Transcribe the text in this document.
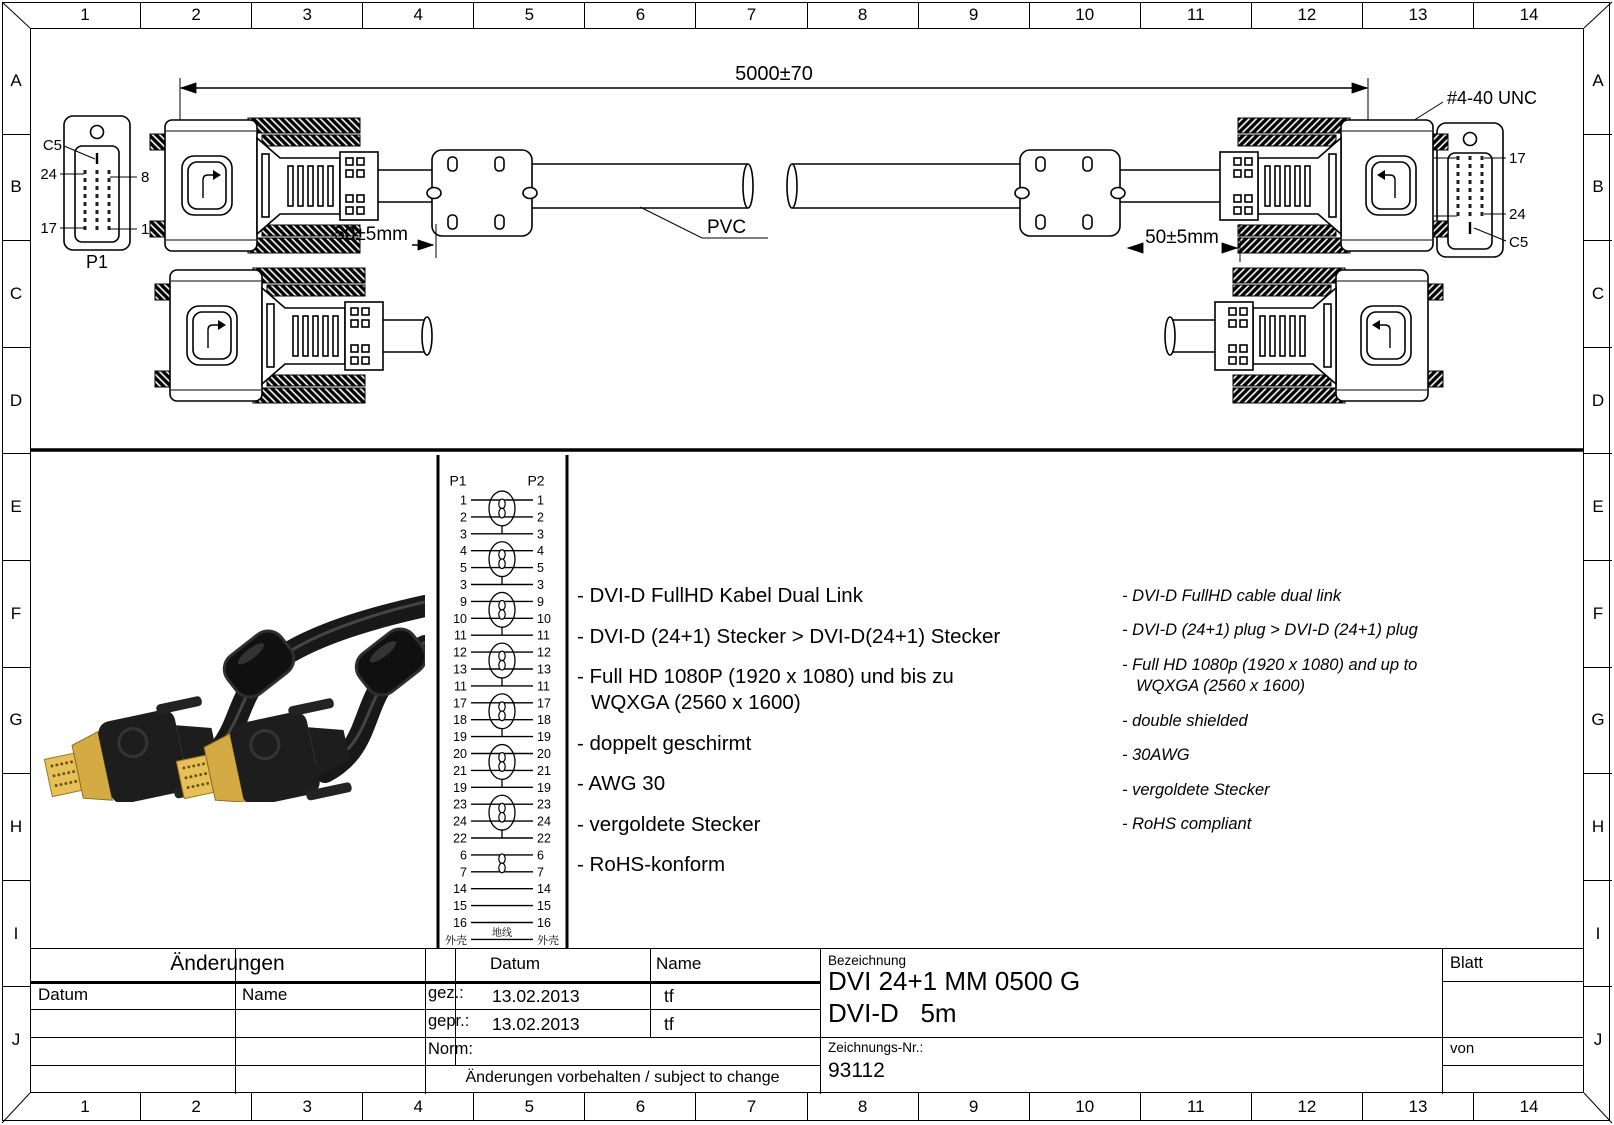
1	2	3	4	5	6	7	8	9	10	11	12	13	14
1	2	3	4	5	6	7	8	9	10	11	12	13	14
A
B
C
D
E
F
G
H
I
J
A
B
C
D
E
F
G
H
I
J
5000±70
#4-40 UNC
C5
24	8
17	1
P1
17
24
C5
PVC
50±5mm	50±5mm
P1	P2
1	1
2	2
3	3
4	4
5	5
3	3
9	9
10	10
11	11
12	12
13	13
11	11
17	17
18	18
19	19
20	20
21	21
19	19
23	23
24	24
22	22
6	6
7	7
14	14
15	15
16	16
外壳	外壳
地线
- DVI-D FullHD Kabel Dual Link
- DVI-D (24+1) Stecker > DVI-D(24+1) Stecker
- Full HD 1080P (1920 x 1080) und bis zu
WQXGA (2560 x 1600)
- doppelt geschirmt
- AWG 30
- vergoldete Stecker
- RoHS-konform
- DVI-D FullHD cable dual link
- DVI-D (24+1) plug > DVI-D (24+1) plug
- Full HD 1080p (1920 x 1080) and up to
WQXGA (2560 x 1600)
- double shielded
- 30AWG
- vergoldete Stecker
- RoHS compliant
Änderungen
Datum	Name
Datum	Name
gez.: 13.02.2013	tf
gepr.: 13.02.2013	tf
Norm:
Änderungen vorbehalten / subject to change
Bezeichnung
DVI 24+1 MM 0500 G
DVI-D   5m
Zeichnungs-Nr.:
93112
Blatt
von
